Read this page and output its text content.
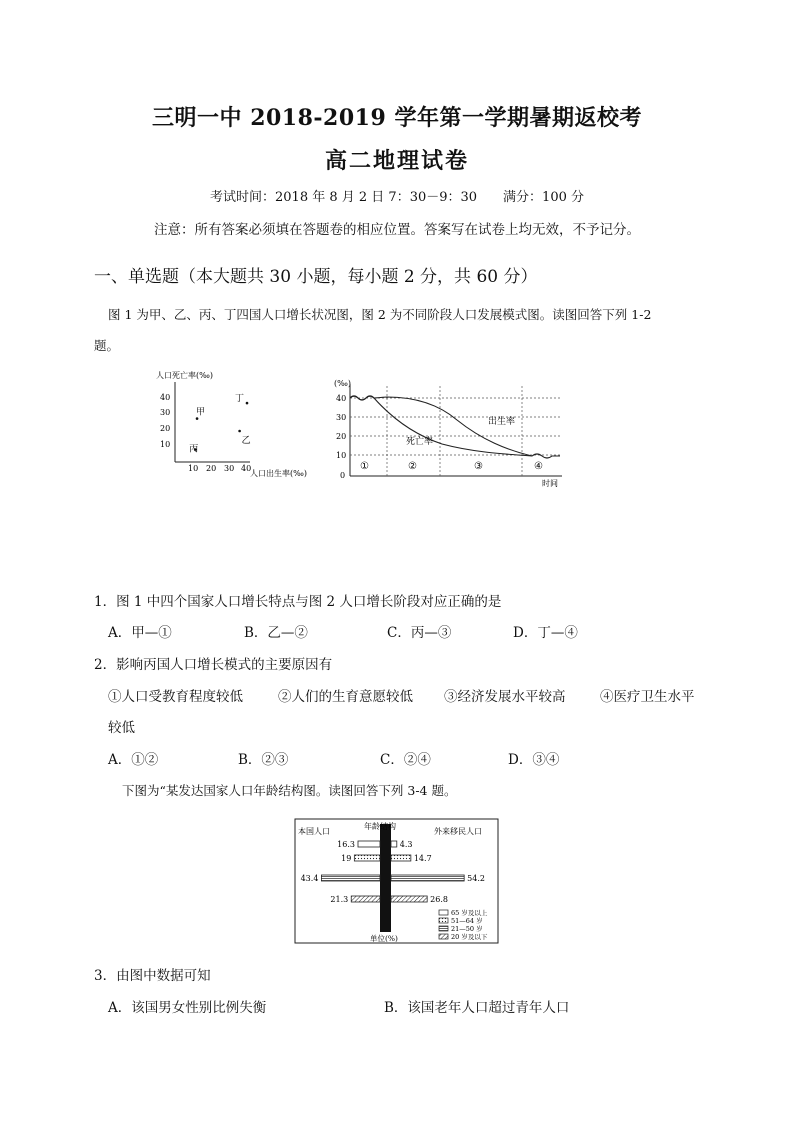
三明一中 2018-2019 学年第一学期暑期返校考
高二地理试卷
考试时间：2018 年 8 月 2 日 7：30－9：30　　满分：100 分
注意：所有答案必须填在答题卷的相应位置。答案写在试卷上均无效，不予记分。
一、单选题（本大题共 30 小题，每小题 2 分，共 60 分）
图 1 为甲、乙、丙、丁四国人口增长状况图，图 2 为不同阶段人口发展模式图。读图回答下列 1-2
题。
人口死亡率(‰)
人口出生率(‰)
40
30
20
10
10 20 30 40
甲
乙
丙
丁
(‰)
40
30
20
10
0
出生率
死亡率
①	②	③	④
时间
1．图 1 中四个国家人口增长特点与图 2 人口增长阶段对应正确的是
A．甲—①	B．乙—②	C．丙—③	D．丁—④
2．影响丙国人口增长模式的主要原因有
①人口受教育程度较低	②人们的生育意愿较低 ③经济发展水平较高	④医疗卫生水平
较低
A．①②	B．②③	C．②④	D．③④
下图为“某发达国家人口年龄结构图。读图回答下列 3-4 题。
年龄结构
本国人口	外来移民人口
单位(%)
16.3	4.3
19	14.7
43.4	54.2
21.3	26.8
65 岁及以上
51—64 岁
21—50 岁
20 岁及以下
3．由图中数据可知
A．该国男女性别比例失衡	B．该国老年人口超过青年人口
